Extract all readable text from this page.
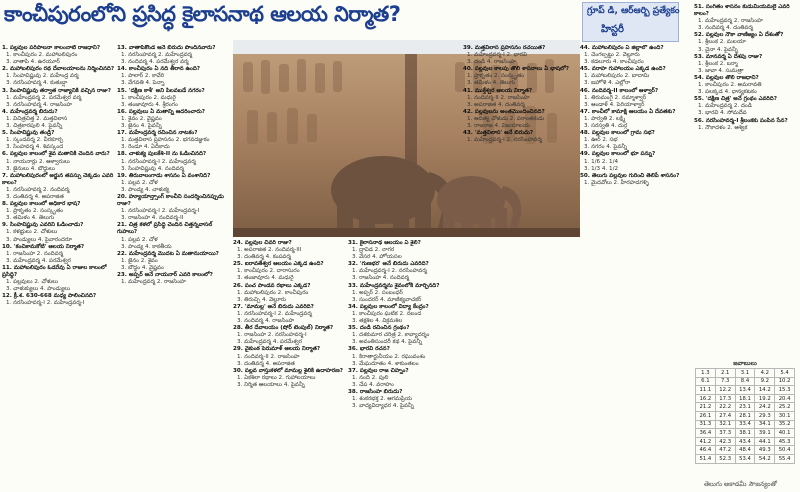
కాంచీపురంలోని ప్రసిద్ధ కైలాసనాథ ఆలయ నిర్మాత?	గ్రూప్ డి, ఆర్ఆర్బి ప్రత్యేకం
హిస్టరీ
1. పల్లవుల పరిపాలనా కాలంనాటి రాజధాని?
1. కాంచీపురం 2. మహాబలిపురం
3. వాతాపి 4. ఉరయూర్
2. మహాబలిపురం రథ దేవాలయాలను నిర్మించినది?
1. సింహవిష్ణువు 2. మహేంద్ర వర్మ
3. నరసింహవర్మ 4. కుతుబ్షా
3. సింహవిష్ణువు తర్వాత రాజ్యానికి వచ్చిన రాజు?
1. మహేంద్రవర్మ 2. పరమేశ్వర వర్మ
3. నరసింహవర్మ 4. రాజసింహ
4. మహేంద్రవర్మ బిరుదు?
1. విచిత్రచిత్త 2. మత్తవిలాస
3. చిత్రకారపులి 4. పైవన్నీ
5. సింహవిష్ణువు తండ్రి?
1. స్కందవర్మ 2. వీరకూర్చ
3. సింహవర్మ 4. శివస్కంద
6. పల్లవుల కాలంలో శైవ మతానికి చెందిన వారు?
1. నాయనార్లు 2. ఆళ్వారులు
3. జైనులు 4. బౌద్ధులు
7. మహాబలిపురంలో అర్జున తపస్సు చెక్కడం ఎవరి కాలం?
1. నరసింహవర్మ 2. నందివర్మ
3. దంతివర్మ 4. అపరాజిత
8. పల్లవుల కాలంలో అధికార భాష?
1. ప్రాకృతం 2. సంస్కృతం
3. తమిళం 4. తెలుగు
9. సింహవిష్ణువు ఎవరిని ఓడించాడు?
1. కళభ్రులు 2. చోళులు
3. పాండ్యులు 4. పైవారందరూ
10. 'కంచికామకోటి' ఆలయ నిర్మాత?
1. రాజసింహ 2. నందివర్మ
3. మహేంద్రవర్మ 4. పరమేశ్వర
11. మహాబలిపురం ఓడరేవు ఏ రాజుల కాలంలో ప్రసిద్ధి?
1. పల్లవులు 2. చోళులు
3. చాళుక్యులు 4. పాండ్యులు
12. క్రీ.శ. 630-668 మధ్య పాలించినది?
1. నరసింహవర్మ-I 2. మహేంద్రవర్మ-I
13. వాతాపికొండ అనే బిరుదు పొందినవారు?
1. నరసింహవర్మ 2. మహేంద్రవర్మ
3. నందివర్మ 4. పరమేశ్వర వర్మ
14. కాంచీపురం ఏ నది తీరాన ఉంది?
1. పాలార్ 2. కావేరి
3. వేగవతి 4. పెన్నా
15. 'దక్షిణ కాశీ' అని పిలవబడే నగరం?
1. కాంచీపురం 2. మధురై
3. తంజావూరు 4. శ్రీరంగం
16. పల్లవులు ఏ మతాన్ని ఆదరించారు?
1. శైవం 2. వైష్ణవం
3. జైనం 4. పైవన్నీ
17. మహేంద్రవర్మ రచించిన నాటకం?
1. మత్తవిలాస ప్రహసనం 2. భగవదజ్జుకం
3. రెండూ 4. ఏదీకాదు
18. చాళుక్య పులకేశి-II ను ఓడించినది?
1. నరసింహవర్మ-I 2. మహేంద్రవర్మ
3. సింహవిష్ణువు 4. నందివర్మ
19. తిరువాలంగాడు శాసనం ఏ వంశానిది?
1. పల్లవ 2. చోళ
3. పాండ్య 4. చాళుక్య
20. హ్యూయాన్త్సాంగ్ కాంచీని సందర్శించినప్పుడు రాజు?
1. నరసింహవర్మ-I 2. మహేంద్రవర్మ-I
3. రాజసింహ 4. నందివర్మ-II
21. చిత్ర కళలో ప్రసిద్ధి చెందిన చిత్తన్నవాసల్ గుహలు?
1. పల్లవ 2. చోళ
3. పాండ్య 4. కాకతీయ
22. మహేంద్రవర్మ మొదట ఏ మతానుయాయి?
1. జైనం 2. శైవం
3. బౌద్ధం 4. వైష్ణవం
23. అప్పర్ అనే నాయనార్ ఎవరి కాలంలో?
1. మహేంద్రవర్మ 2. రాజసింహ
24. పల్లవుల చివరి రాజు?
1. అపరాజిత 2. నందివర్మ-III
3. దంతివర్మ 4. కంపవర్మ
25. ఐరావతేశ్వర ఆలయం ఎక్కడ ఉంది?
1. కాంచీపురం 2. దారాసురం
3. తంజావూరు 4. మధురై
26. పంచ పాండవ రథాలు ఎక్కడ?
1. మహాబలిపురం 2. కాంచీపురం
3. తిరుచ్చి 4. వెల్లూరు
27. 'మామల్ల' అనే బిరుదు ఎవరిది?
1. నరసింహవర్మ-I 2. మహేంద్రవర్మ
3. నందివర్మ 4. రాజసింహ
28. తీర దేవాలయం (షోర్ టెంపుల్) నిర్మాత?
1. రాజసింహ 2. నరసింహవర్మ-I
3. మహేంద్రవర్మ 4. పరమేశ్వర
29. వైకుంఠ పెరుమాళ్ ఆలయ నిర్మాత?
1. నందివర్మ-II 2. రాజసింహ
3. దంతివర్మ 4. అపరాజిత
30. పల్లవ వాస్తుకళలో మామల్ల శైలికి ఉదాహరణ?
1. ఏకశిలా రథాలు 2. గుహాలయాలు
3. నిర్మిత ఆలయాలు 4. పైవన్నీ
31. కైలాసనాథ ఆలయం ఏ శైలి?
1. ద్రావిడ 2. నాగర
3. వేసర 4. హోయసల
32. 'గుణభర' అనే బిరుదు ఎవరిది?
1. మహేంద్రవర్మ-I 2. నరసింహవర్మ
3. రాజసింహ 4. నందివర్మ
33. మహేంద్రవర్మను శైవంలోకి మార్చినది?
1. అప్పర్ 2. సంబంధర్
3. సుందరర్ 4. మాణిక్యవాచకర్
34. పల్లవుల కాలంలో విద్యా కేంద్రం?
1. కాంచీపురం ఘటిక 2. నలంద
3. తక్షశిల 4. విక్రమశిల
35. దండి రచించిన గ్రంథం?
1. దశకుమార చరిత్ర 2. కావ్యాదర్శం
3. అవంతిసుందరీ కథ 4. పైవన్నీ
36. భారవి రచన?
1. కిరాతార్జునీయం 2. రఘువంశం
3. మేఘదూతం 4. శాకుంతలం
37. పల్లవుల రాజ చిహ్నం?
1. నంది 2. పులి
3. చేప 4. వరాహం
38. రాజసింహ బిరుదు?
1. శంకరభక్త 2. ఆగమప్రియ
3. వాద్యవిద్యాధర 4. పైవన్నీ
39. మత్తవిలాస ప్రహసనం రచయిత?
1. మహేంద్రవర్మ-I 2. భారవి
3. దండి 4. రాజసింహ
40. పల్లవుల కాలపు తొలి శాసనాలు ఏ భాషలో?
1. ప్రాకృతం 2. సంస్కృతం
3. తమిళం 4. తెలుగు
41. ముక్తేశ్వర ఆలయ నిర్మాత?
1. నందివర్మ-II 2. రాజసింహ
3. అపరాజిత 4. దంతివర్మ
42. పల్లవులను అంతమొందించినది?
1. ఆదిత్య చోళుడు 2. పరాంతకుడు
3. రాజరాజ 4. విజయాలయ
43. 'మత్తవిలాస' అనే బిరుదు?
1. మహేంద్రవర్మ-I 2. నరసింహవర్మ
44. మహాబలిపురం ఏ జిల్లాలో ఉంది?
1. చెంగల్పట్టు 2. వెల్లూరు
3. కడలూరు 4. కాంచీపురం
45. వరాహ గుహాలయం ఎక్కడ ఉంది?
1. మహాబలిపురం 2. బాదామి
3. ఐహోళె 4. ఎల్లోరా
46. నందివర్మ-II కాలంలో ఆళ్వార్?
1. తిరుమంగై 2. నమ్మాళ్వార్
3. ఆండాళ్ 4. పెరియాళ్వార్
47. కాంచీలో కామాక్షి ఆలయం ఏ దేవతకు?
1. పార్వతి 2. లక్ష్మి
3. సరస్వతి 4. దుర్గ
48. పల్లవుల కాలంలో గ్రామ సభ?
1. ఊర్ 2. సభ
3. నగరం 4. పైవన్నీ
49. పల్లవుల కాలంలో భూ పన్ను?
1. 1/6 2. 1/4
3. 1/3 4. 1/2
50. తెలుగు పల్లవుల గురించి తెలిపే శాసనం?
1. మైదవోలు 2. హీరహడగళ్ళి
51. సంగీతం శాసనం కుడుమియమలై ఎవరి కాలం?
1. మహేంద్రవర్మ 2. రాజసింహ
3. నందివర్మ 4. దంతివర్మ
52. పల్లవుల నౌకా వాణిజ్యం ఏ దేశంతో?
1. శ్రీలంక 2. మలయా
3. చైనా 4. పైవన్నీ
53. మానవర్మ ఏ దేశపు రాజు?
1. శ్రీలంక 2. బర్మా
3. జావా 4. సుమత్రా
54. పల్లవుల తొలి రాజధాని?
1. కాంచీపురం 2. అమరావతి
3. పలక్కడ 4. ధాన్యకటకం
55. 'దక్షిణ చిత్ర' అనే గ్రంథం ఎవరిది?
1. మహేంద్రవర్మ 2. దండి
3. భారవి 4. సోమదేవ
56. నరసింహవర్మ-I శ్రీలంకకు పంపిన సేన?
1. నౌకాదళం 2. ఆశ్విక
జవాబులు
1.3	2.1	3.1	4.2	5.4
6.1	7.3	8.4	9.2	10.2
11.1	12.2	13.4	14.2	15.3
16.2	17.3	18.1	19.2	20.4
21.2	22.2	23.1	24.2	25.2
26.1	27.4	28.1	29.3	30.1
31.3	32.1	33.4	34.1	35.2
36.4	37.3	38.1	39.1	40.1
41.2	42.3	43.4	44.1	45.3
46.4	47.2	48.4	49.3	50.4
51.4	52.3	53.4	54.2	55.4
తెలుగు అకాడమీ సౌజన్యంతో
